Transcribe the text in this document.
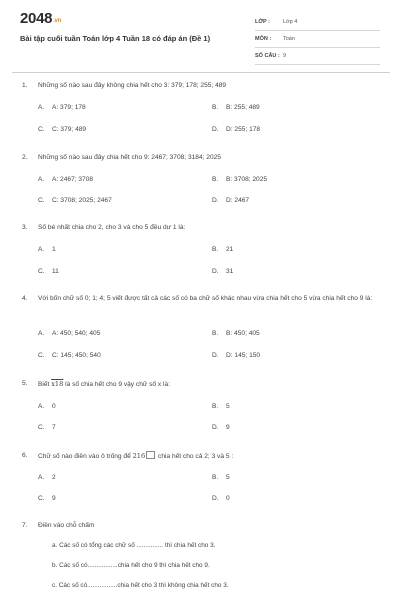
2048.vn
Bài tập cuối tuần Toán lớp 4 Tuần 18 có đáp án (Đề 1)
LỚP :	Lớp 4
MÔN :	Toán
SỐ CÂU : 9
1. Những số nào sau đây không chia hết cho 3: 379; 178; 255; 489
A. A: 379; 178	B. B: 255; 489
C. C: 379; 489	D. D: 255; 178
2. Những số nào sau đây chia hết cho 9: 2467; 3708; 3184; 2025
A. A: 2467; 3708	B. B: 3708; 2025
C. C: 3708; 2025; 2467	D. D: 2467
3. Số bé nhất chia cho 2, cho 3 và cho 5 đều dư 1 là:
A. 1	B. 21
C. 11	D. 31
4. Với bốn chữ số 0; 1; 4; 5 viết được tất cả các số có ba chữ số khác nhau vừa chia hết cho 5 vừa chia hết cho 9 là:
A. A: 450; 540; 405	B. B: 450; 405
C. C: 145; 450; 540	D. D: 145; 150
5. Biết x18 là số chia hết cho 9 vậy chữ số x là:
A. 0	B. 5
C. 7	D. 9
6. Chữ số nào điền vào ô trống để 216 chia hết cho cả 2; 3 và 5 :
A. 2	B. 5
C. 9	D. 0
7. Điền vào chỗ chấm
a. Các số có tổng các chữ số ............... thì chia hết cho 3.
b. Các số có.................chia hết cho 9 thì chia hết cho 9.
c. Các số có.................chia hết cho 3 thì không chia hết cho 3.
